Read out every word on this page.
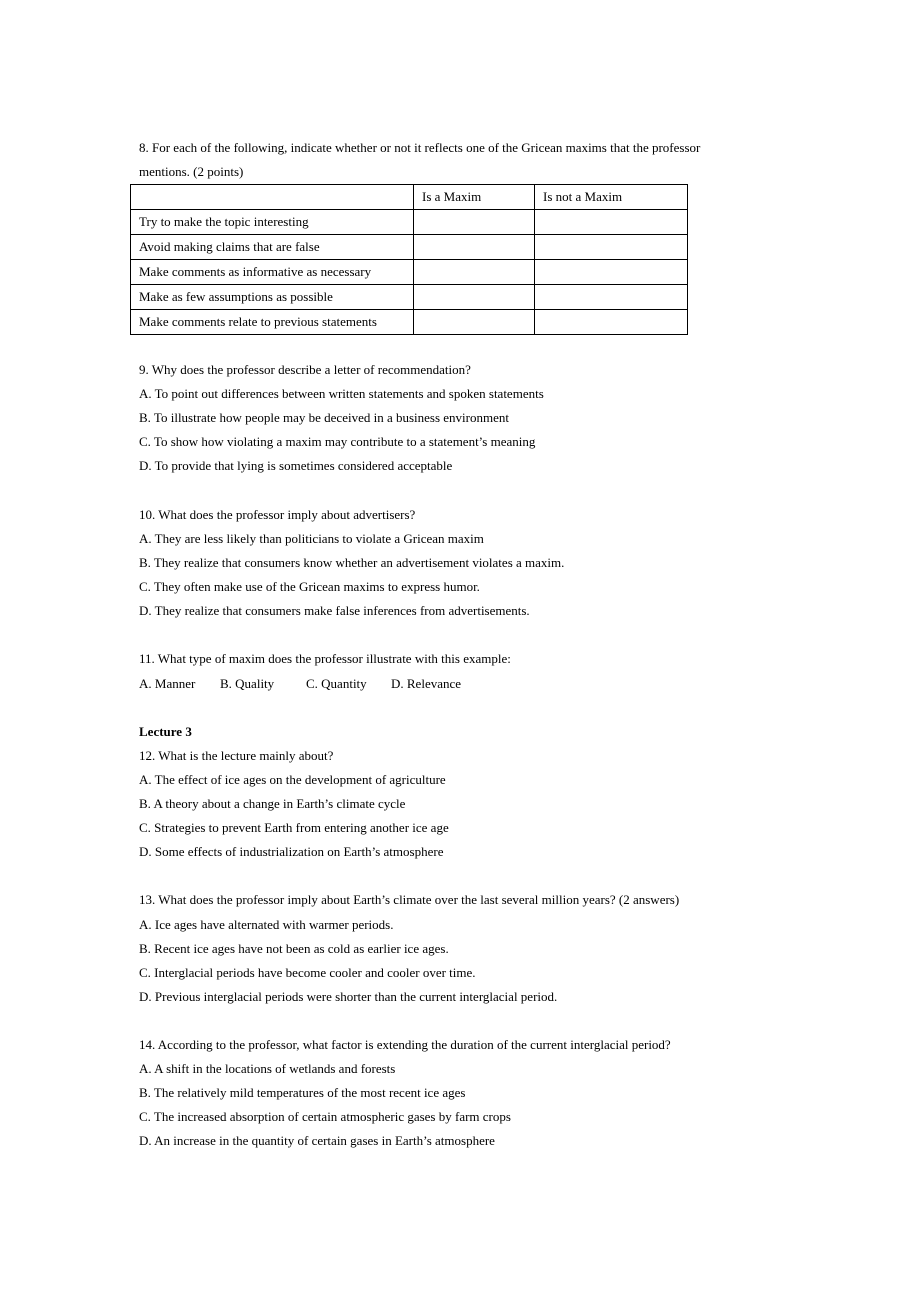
8. For each of the following, indicate whether or not it reflects one of the Gricean maxims that the professor
mentions. (2 points)
	Is a Maxim	Is not a Maxim
Try to make the topic interesting		
Avoid making claims that are false		
Make comments as informative as necessary		
Make as few assumptions as possible		
Make comments relate to previous statements		
9. Why does the professor describe a letter of recommendation?
A. To point out differences between written statements and spoken statements
B. To illustrate how people may be deceived in a business environment
C. To show how violating a maxim may contribute to a statement’s meaning
D. To provide that lying is sometimes considered acceptable
10. What does the professor imply about advertisers?
A. They are less likely than politicians to violate a Gricean maxim
B. They realize that consumers know whether an advertisement violates a maxim.
C. They often make use of the Gricean maxims to express humor.
D. They realize that consumers make false inferences from advertisements.
11. What type of maxim does the professor illustrate with this example:
A. Manner B. Quality C. Quantity D. Relevance
Lecture 3
12. What is the lecture mainly about?
A. The effect of ice ages on the development of agriculture
B. A theory about a change in Earth’s climate cycle
C. Strategies to prevent Earth from entering another ice age
D. Some effects of industrialization on Earth’s atmosphere
13. What does the professor imply about Earth’s climate over the last several million years? (2 answers)
A. Ice ages have alternated with warmer periods.
B. Recent ice ages have not been as cold as earlier ice ages.
C. Interglacial periods have become cooler and cooler over time.
D. Previous interglacial periods were shorter than the current interglacial period.
14. According to the professor, what factor is extending the duration of the current interglacial period?
A. A shift in the locations of wetlands and forests
B. The relatively mild temperatures of the most recent ice ages
C. The increased absorption of certain atmospheric gases by farm crops
D. An increase in the quantity of certain gases in Earth’s atmosphere
